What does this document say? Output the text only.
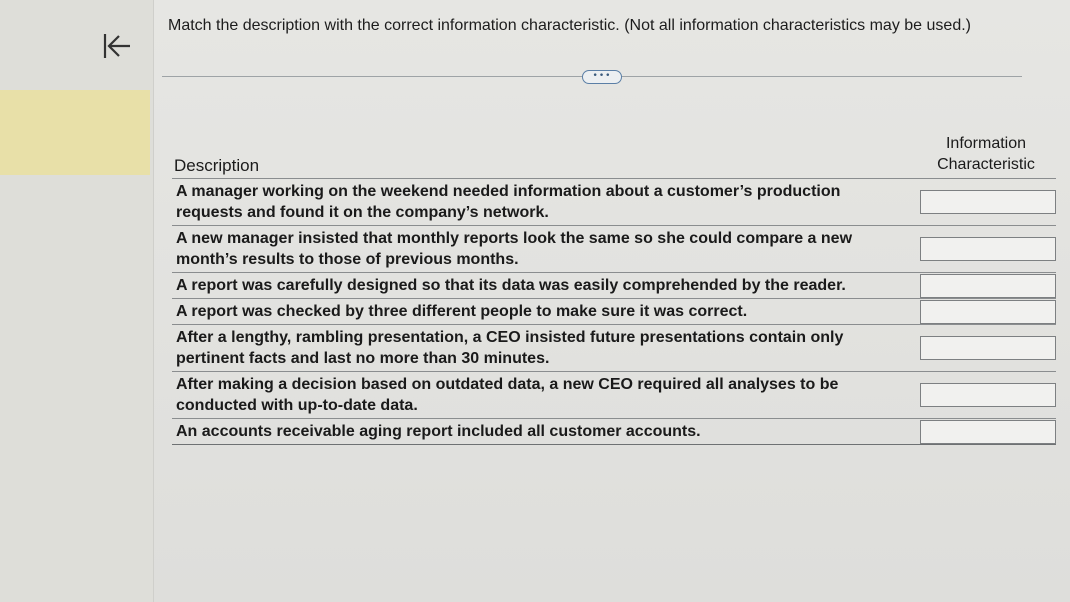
Match the description with the correct information characteristic. (Not all information characteristics may be used.)
•••
Description
Information Characteristic
A manager working on the weekend needed information about a customer’s production requests and found it on the company’s network.
A new manager insisted that monthly reports look the same so she could compare a new month’s results to those of previous months.
A report was carefully designed so that its data was easily comprehended by the reader.
A report was checked by three different people to make sure it was correct.
After a lengthy, rambling presentation, a CEO insisted future presentations contain only pertinent facts and last no more than 30 minutes.
After making a decision based on outdated data, a new CEO required all analyses to be conducted with up-to-date data.
An accounts receivable aging report included all customer accounts.
